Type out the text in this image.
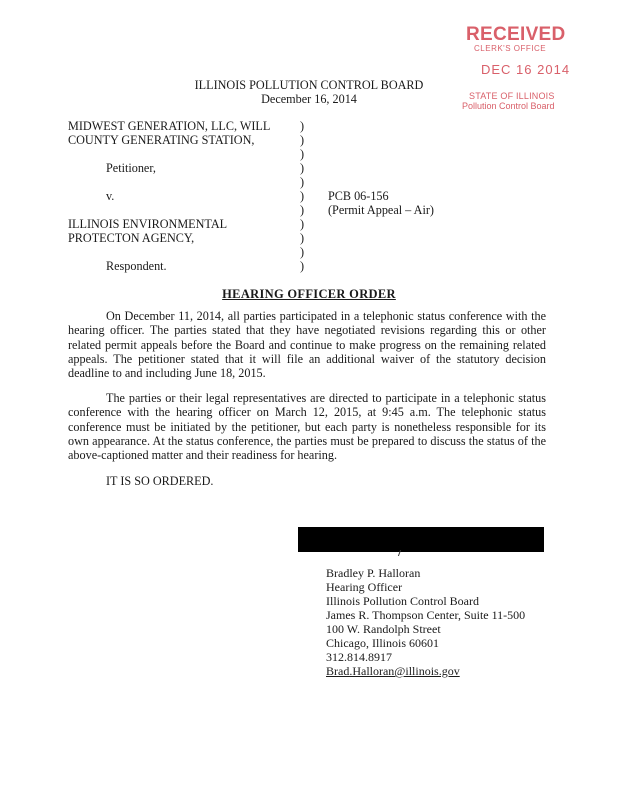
RECEIVED
CLERK'S OFFICE
DEC 16 2014
STATE OF ILLINOIS
Pollution Control Board
ILLINOIS POLLUTION CONTROL BOARD
December 16, 2014
MIDWEST GENERATION, LLC, WILL
COUNTY GENERATING STATION,
Petitioner,
v.
ILLINOIS ENVIRONMENTAL
PROTECTON AGENCY,
Respondent.
)
)
)
)
)
)
)
)
)
)
)
PCB 06-156
(Permit Appeal – Air)
HEARING OFFICER ORDER
On December 11, 2014, all parties participated in a telephonic status conference with the hearing officer. The parties stated that they have negotiated revisions regarding this or other related permit appeals before the Board and continue to make progress on the remaining related appeals. The petitioner stated that it will file an additional waiver of the statutory decision deadline to and including June 18, 2015.
The parties or their legal representatives are directed to participate in a telephonic status conference with the hearing officer on March 12, 2015, at 9:45 a.m. The telephonic status conference must be initiated by the petitioner, but each party is nonetheless responsible for its own appearance. At the status conference, the parties must be prepared to discuss the status of the above-captioned matter and their readiness for hearing.
IT IS SO ORDERED.
Bradley P. Halloran
Hearing Officer
Illinois Pollution Control Board
James R. Thompson Center, Suite 11-500
100 W. Randolph Street
Chicago, Illinois 60601
312.814.8917
Brad.Halloran@illinois.gov
